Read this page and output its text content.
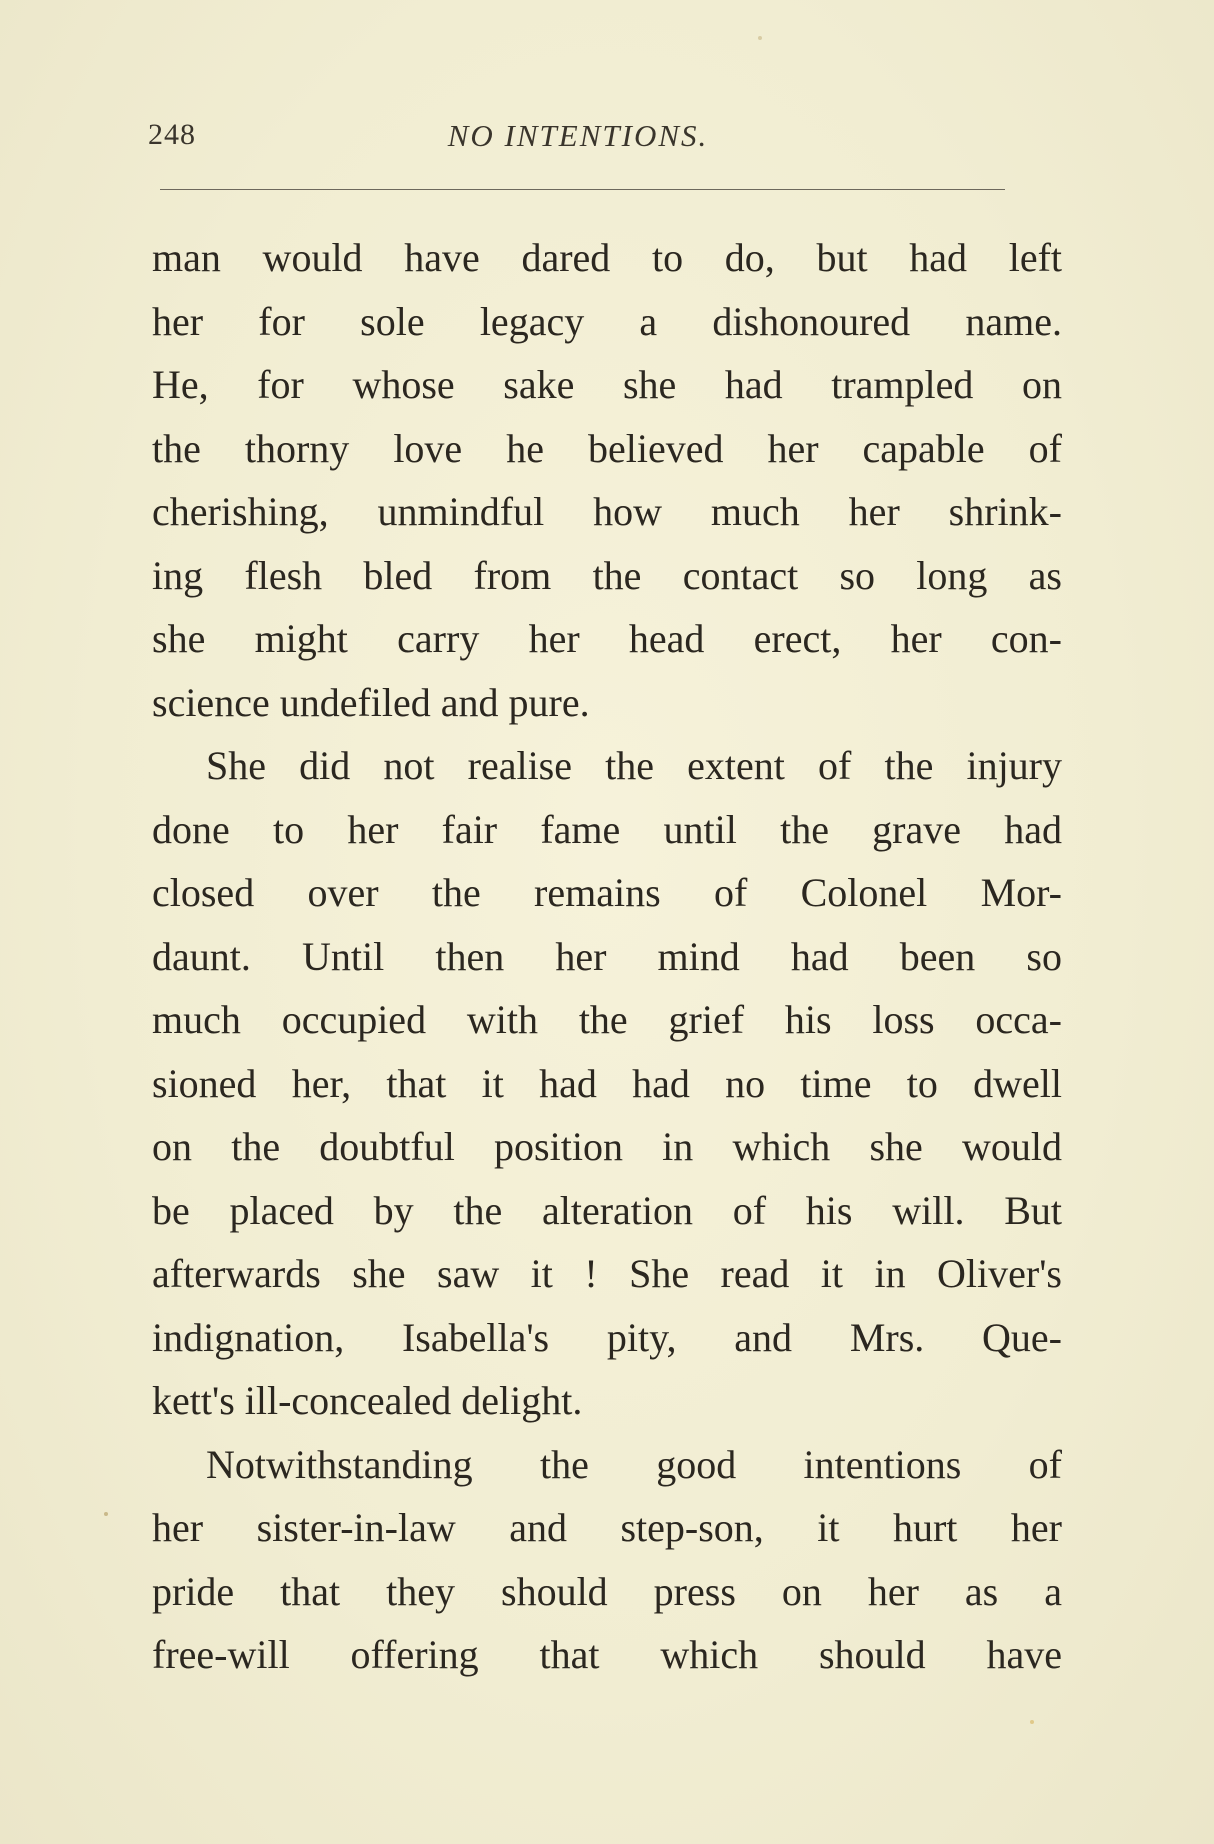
248	NO INTENTIONS.
man would have dared to do, but had left
her for sole legacy a dishonoured name.
He, for whose sake she had trampled on
the thorny love he believed her capable of
cherishing, unmindful how much her shrink-
ing flesh bled from the contact so long as
she might carry her head erect, her con-
science undefiled and pure.
She did not realise the extent of the injury
done to her fair fame until the grave had
closed over the remains of Colonel Mor-
daunt. Until then her mind had been so
much occupied with the grief his loss occa-
sioned her, that it had had no time to dwell
on the doubtful position in which she would
be placed by the alteration of his will. But
afterwards she saw it ! She read it in Oliver's
indignation, Isabella's pity, and Mrs. Que-
kett's ill-concealed delight.
Notwithstanding the good intentions of
her sister-in-law and step-son, it hurt her
pride that they should press on her as a
free-will offering that which should have
